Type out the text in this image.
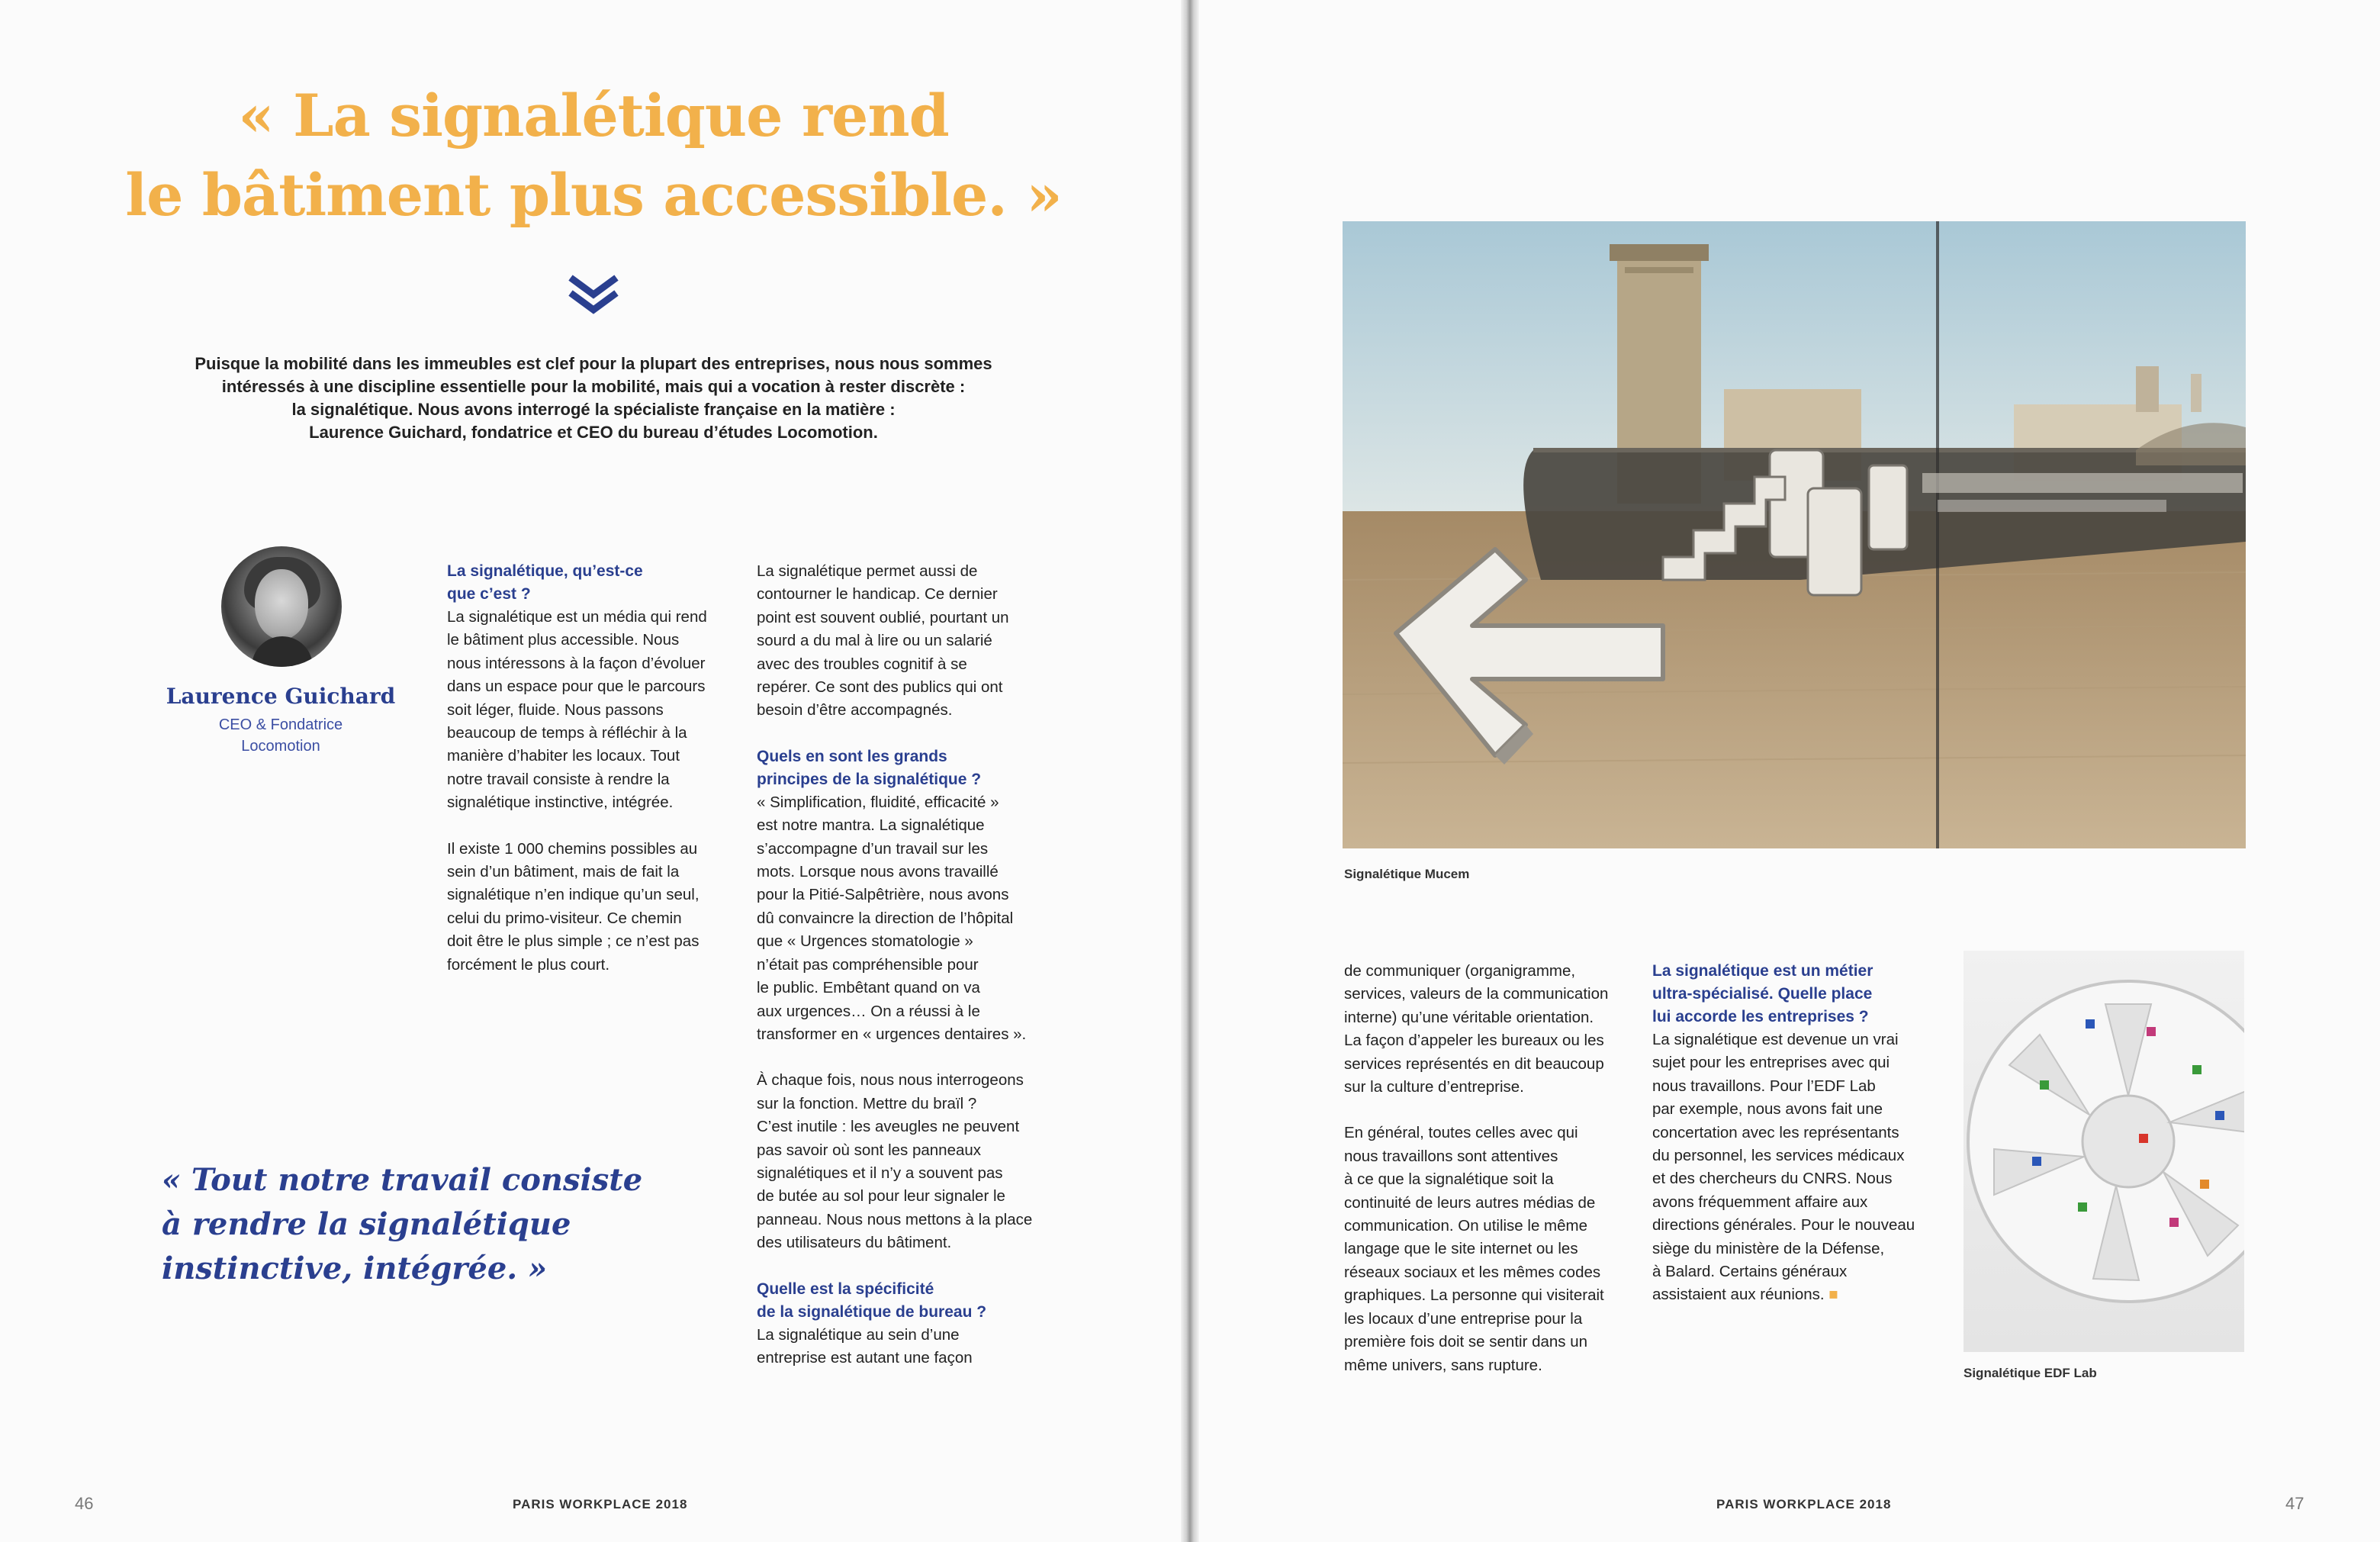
« La signalétique rend
le bâtiment plus accessible. »

Puisque la mobilité dans les immeubles est clef pour la plupart des entreprises, nous nous sommes
intéressés à une discipline essentielle pour la mobilité, mais qui a vocation à rester discrète :
la signalétique. Nous avons interrogé la spécialiste française en la matière :
Laurence Guichard, fondatrice et CEO du bureau d’études Locomotion.

Laurence Guichard
CEO & Fondatrice
Locomotion
La signalétique, qu’est-ce
que c’est ?

La signalétique est un média qui rend
le bâtiment plus accessible. Nous
nous intéressons à la façon d’évoluer
dans un espace pour que le parcours
soit léger, fluide. Nous passons
beaucoup de temps à réfléchir à la
manière d’habiter les locaux. Tout
notre travail consiste à rendre la
signalétique instinctive, intégrée.

Il existe 1 000 chemins possibles au
sein d’un bâtiment, mais de fait la
signalétique n’en indique qu’un seul,
celui du primo-visiteur. Ce chemin
doit être le plus simple ; ce n’est pas
forcément le plus court.

La signalétique permet aussi de
contourner le handicap. Ce dernier
point est souvent oublié, pourtant un
sourd a du mal à lire ou un salarié
avec des troubles cognitif à se
repérer. Ce sont des publics qui ont
besoin d’être accompagnés.

Quels en sont les grands
principes de la signalétique ?

« Simplification, fluidité, efficacité »
est notre mantra. La signalétique
s’accompagne d’un travail sur les
mots. Lorsque nous avons travaillé
pour la Pitié-Salpêtrière, nous avons
dû convaincre la direction de l’hôpital
que « Urgences stomatologie »
n’était pas compréhensible pour
le public. Embêtant quand on va
aux urgences… On a réussi à le
transformer en « urgences dentaires ».

À chaque fois, nous nous interrogeons
sur la fonction. Mettre du braïl ?
C’est inutile : les aveugles ne peuvent
pas savoir où sont les panneaux
signalétiques et il n’y a souvent pas
de butée au sol pour leur signaler le
panneau. Nous nous mettons à la place
des utilisateurs du bâtiment.

Quelle est la spécificité
de la signalétique de bureau ?

La signalétique au sein d’une
entreprise est autant une façon

« Tout notre travail consiste
à rendre la signalétique
instinctive, intégrée. »

46	PARIS WORKPLACE 2018
Signalétique Mucem

de communiquer (organigramme,
services, valeurs de la communication
interne) qu’une véritable orientation.
La façon d’appeler les bureaux ou les
services représentés en dit beaucoup
sur la culture d’entreprise.

En général, toutes celles avec qui
nous travaillons sont attentives
à ce que la signalétique soit la
continuité de leurs autres médias de
communication. On utilise le même
langage que le site internet ou les
réseaux sociaux et les mêmes codes
graphiques. La personne qui visiterait
les locaux d’une entreprise pour la
première fois doit se sentir dans un
même univers, sans rupture.

La signalétique est un métier
ultra-spécialisé. Quelle place
lui accorde les entreprises ?

La signalétique est devenue un vrai
sujet pour les entreprises avec qui
nous travaillons. Pour l’EDF Lab
par exemple, nous avons fait une
concertation avec les représentants
du personnel, les services médicaux
et des chercheurs du CNRS. Nous
avons fréquemment affaire aux
directions générales. Pour le nouveau
siège du ministère de la Défense,
à Balard. Certains généraux
assistaient aux réunions. ■

Signalétique EDF Lab
PARIS WORKPLACE 2018	47
